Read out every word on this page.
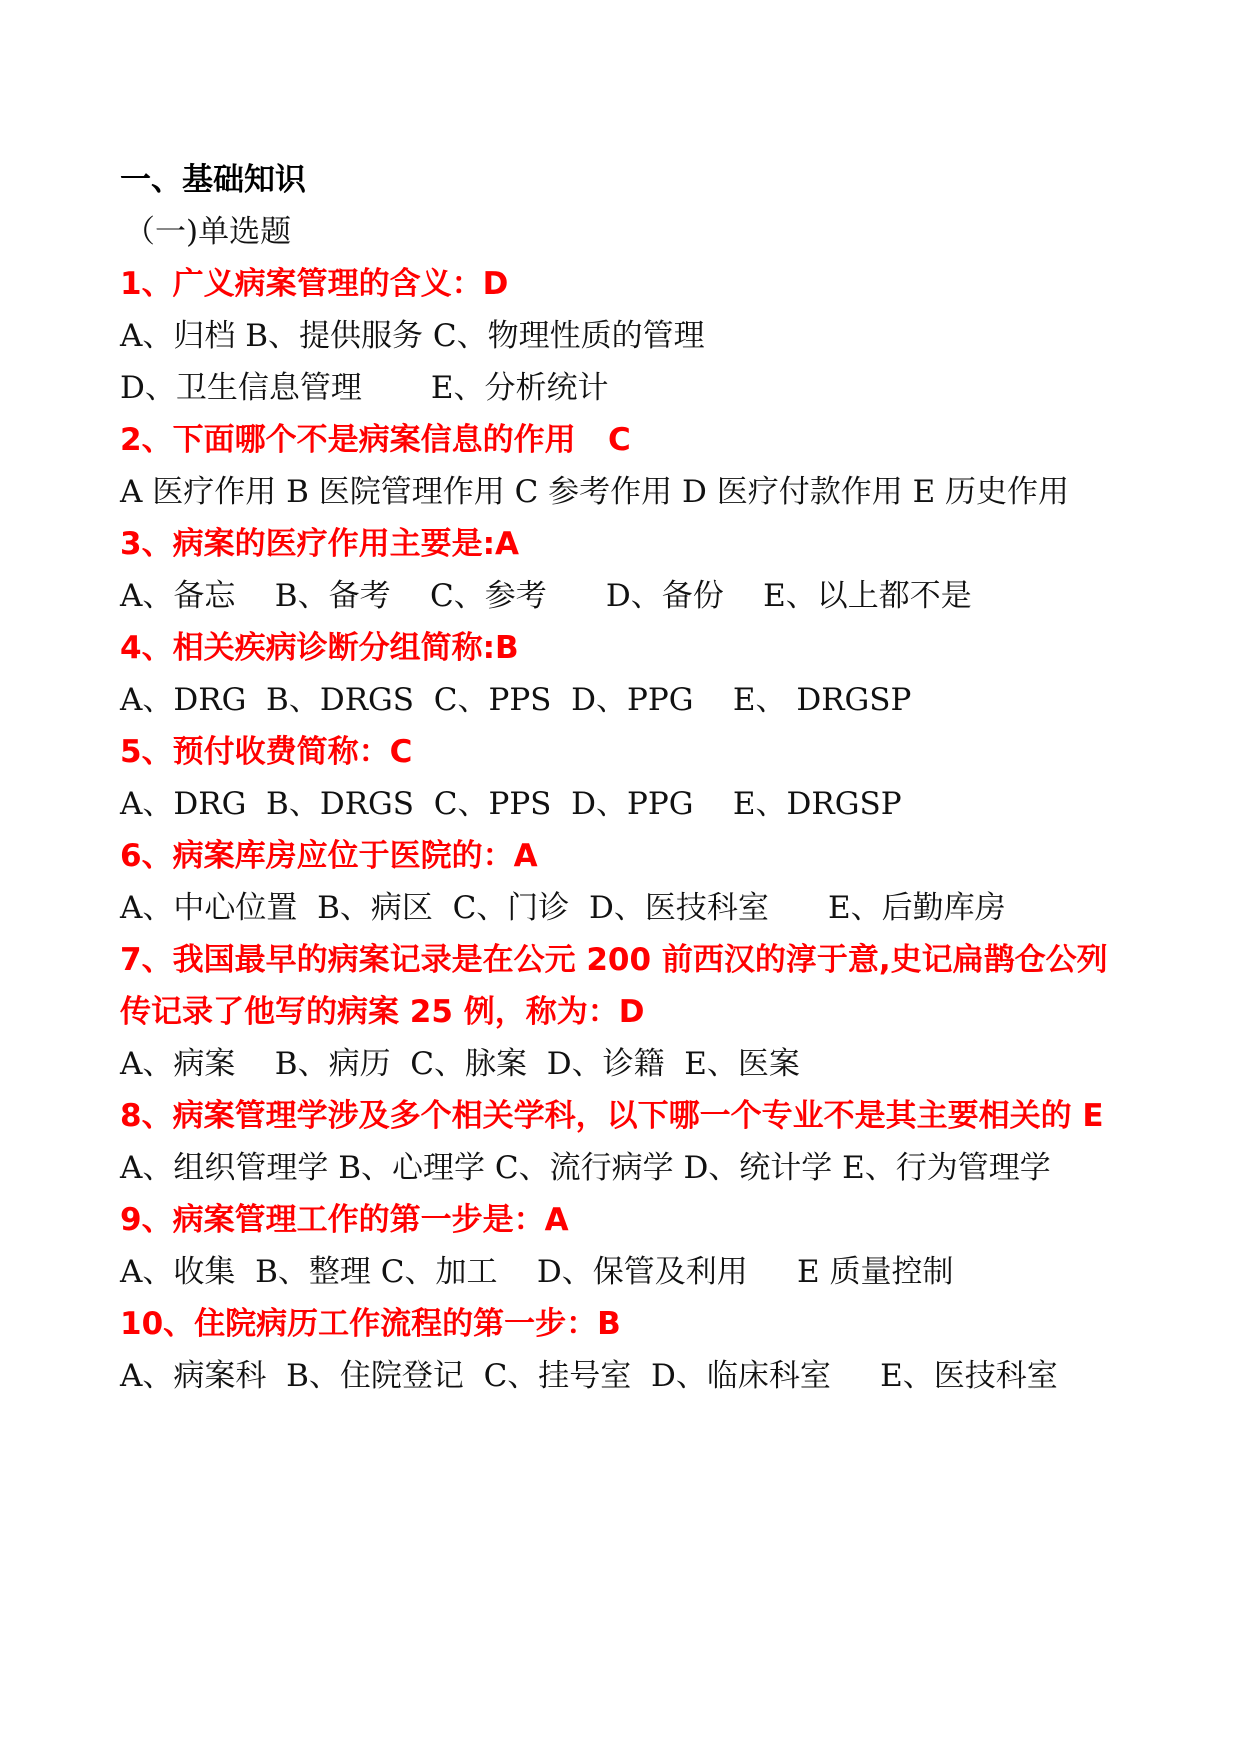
一、基础知识
（一)单选题
1、广义病案管理的含义：D
A、归档 B、提供服务 C、物理性质的管理
D、卫生信息管理       E、分析统计
2、下面哪个不是病案信息的作用   C
A 医疗作用 B 医院管理作用 C 参考作用 D 医疗付款作用 E 历史作用
3、病案的医疗作用主要是:A
A、备忘    B、备考    C、参考      D、备份    E、以上都不是
4、相关疾病诊断分组简称:B
A、DRG  B、DRGS  C、PPS  D、PPG    E、 DRGSP
5、预付收费简称：C
A、DRG  B、DRGS  C、PPS  D、PPG    E、DRGSP
6、病案库房应位于医院的：A
A、中心位置  B、病区  C、门诊  D、医技科室      E、后勤库房
7、我国最早的病案记录是在公元 200 前西汉的淳于意,史记扁鹊仓公列传记录了他写的病案 25 例，称为：D
A、病案    B、病历  C、脉案  D、诊籍  E、医案
8、病案管理学涉及多个相关学科，以下哪一个专业不是其主要相关的 E
A、组织管理学 B、心理学 C、流行病学 D、统计学 E、行为管理学
9、病案管理工作的第一步是：A
A、收集  B、整理 C、加工    D、保管及利用     E 质量控制
10、住院病历工作流程的第一步：B
A、病案科  B、住院登记  C、挂号室  D、临床科室     E、医技科室
